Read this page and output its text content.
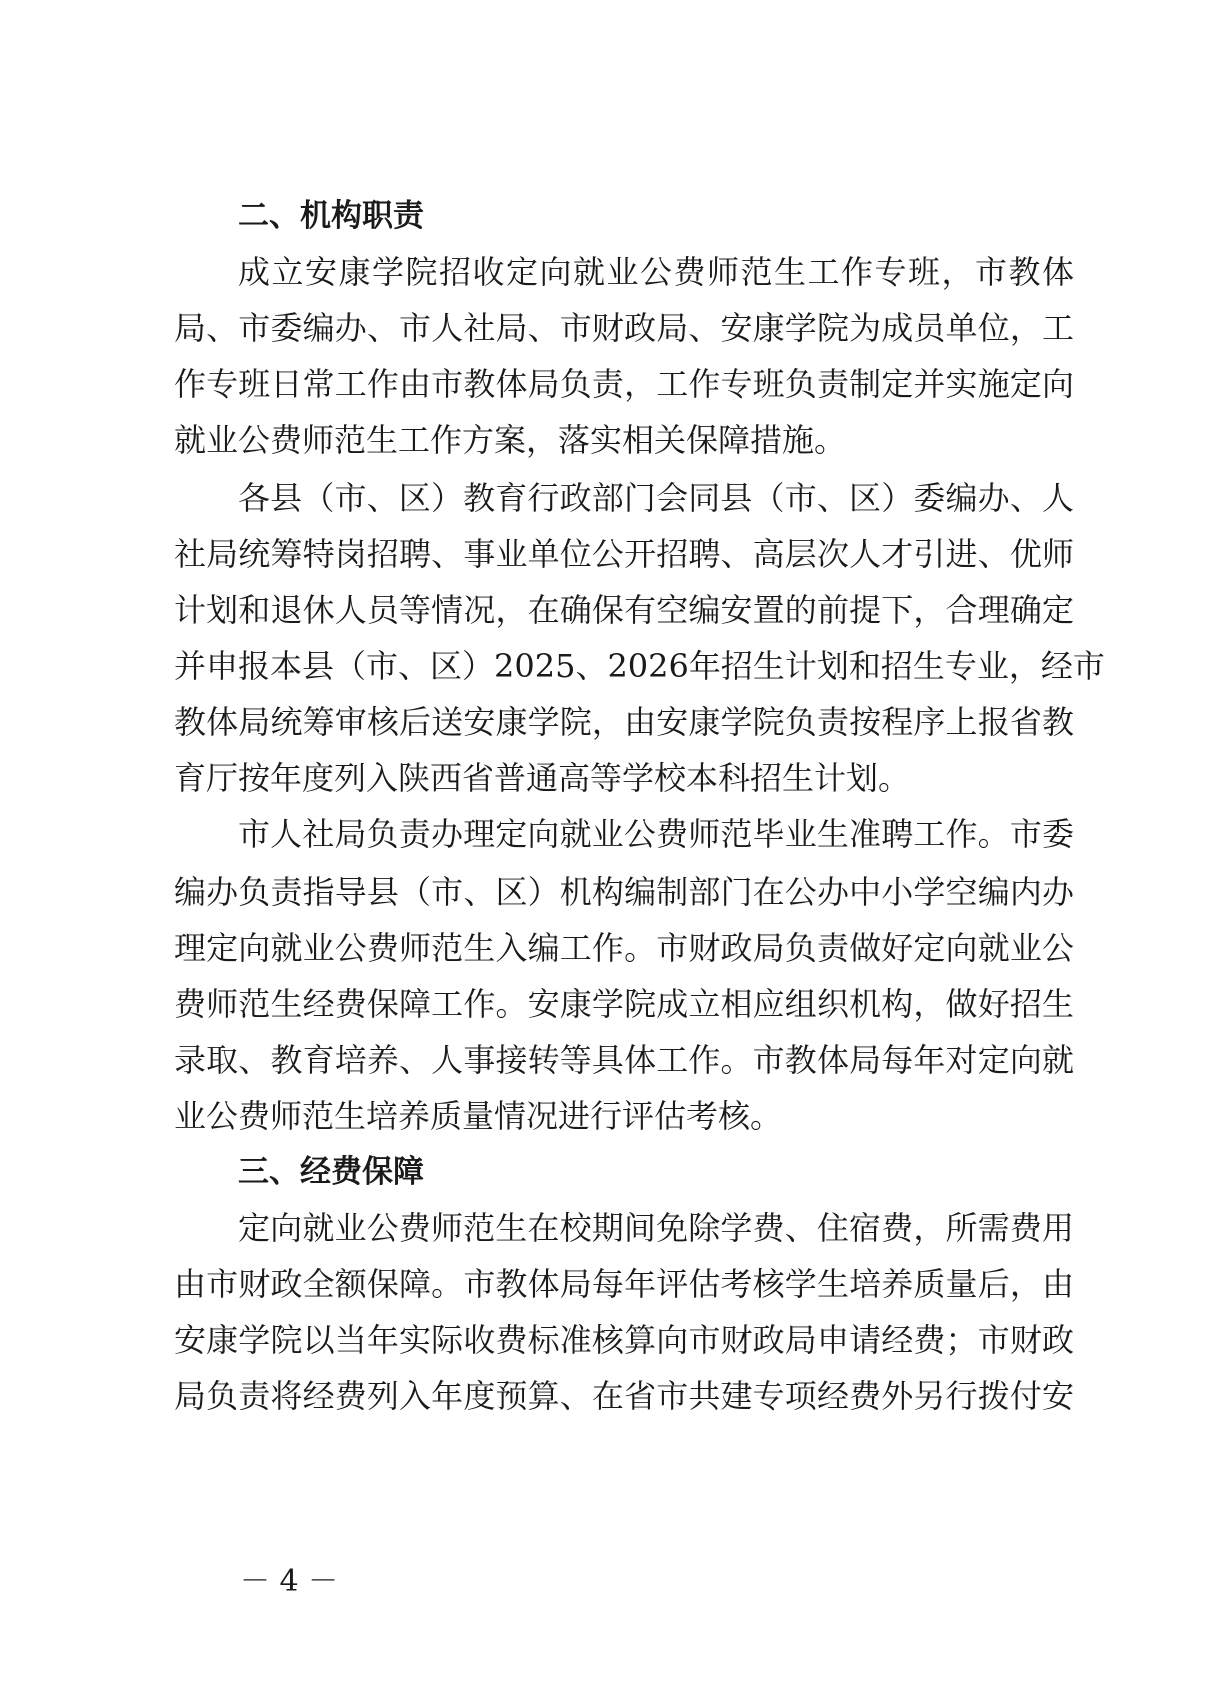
二、机构职责
成立安康学院招收定向就业公费师范生工作专班，市教体
局、市委编办、市人社局、市财政局、安康学院为成员单位，工
作专班日常工作由市教体局负责，工作专班负责制定并实施定向
就业公费师范生工作方案，落实相关保障措施。
各县（市、区）教育行政部门会同县（市、区）委编办、人
社局统筹特岗招聘、事业单位公开招聘、高层次人才引进、优师
计划和退休人员等情况，在确保有空编安置的前提下，合理确定
并申报本县（市、区）2025、2026年招生计划和招生专业，经市
教体局统筹审核后送安康学院，由安康学院负责按程序上报省教
育厅按年度列入陕西省普通高等学校本科招生计划。
市人社局负责办理定向就业公费师范毕业生准聘工作。市委
编办负责指导县（市、区）机构编制部门在公办中小学空编内办
理定向就业公费师范生入编工作。市财政局负责做好定向就业公
费师范生经费保障工作。安康学院成立相应组织机构，做好招生
录取、教育培养、人事接转等具体工作。市教体局每年对定向就
业公费师范生培养质量情况进行评估考核。
三、经费保障
定向就业公费师范生在校期间免除学费、住宿费，所需费用
由市财政全额保障。市教体局每年评估考核学生培养质量后，由
安康学院以当年实际收费标准核算向市财政局申请经费；市财政
局负责将经费列入年度预算、在省市共建专项经费外另行拨付安
－ 4 －
